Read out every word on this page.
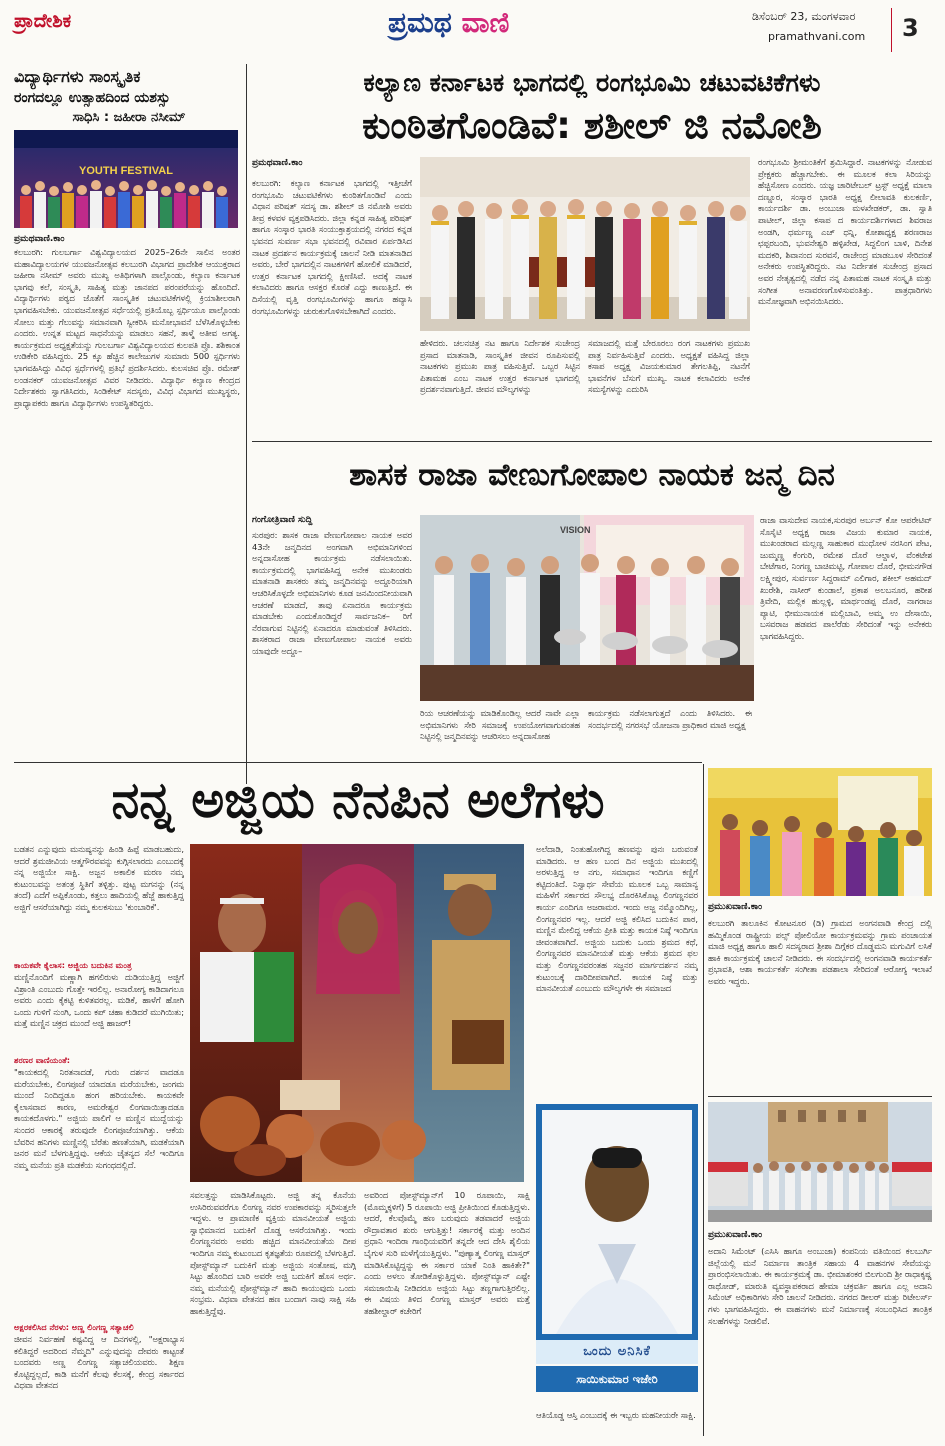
ಪ್ರಾದೇಶಿಕ	ಪ್ರಮಥ ವಾಣಿ	ಡಿಸೆಂಬರ್ 23, ಮಂಗಳವಾರ
pramathvani.com 3
ವಿದ್ಯಾರ್ಥಿಗಳು ಸಾಂಸ್ಕೃತಿಕ
ರಂಗದಲ್ಲೂ ಉತ್ಸಾಹದಿಂದ ಯಶಸ್ಸು
ಸಾಧಿಸಿ : ಜಹೀರಾ ನಸೀಮ್
YOUTH FESTIVAL
ಪ್ರಮಥವಾಣಿ.ಕಾಂ
ಕಲಬುರಗಿ: ಗುಲಬರ್ಗಾ ವಿಶ್ವವಿದ್ಯಾಲಯದ 2025–26ನೇ ಸಾಲಿನ ಅಂತರ ಮಹಾವಿದ್ಯಾಲಯಗಳ ಯುವಜನೋತ್ಸವ ಕಲಬುರಗಿ ವಿಭಾಗದ ಪ್ರಾದೇಶಿಕ ಆಯುಕ್ತರಾದ ಜಹೀರಾ ನಸೀಮ್ ಅವರು ಮುಖ್ಯ ಅತಿಥಿಗಳಾಗಿ ಪಾಲ್ಗೊಂಡು, ಕಲ್ಯಾಣ ಕರ್ನಾಟಕ ಭಾಗವು ಕಲೆ, ಸಂಸ್ಕೃತಿ, ಸಾಹಿತ್ಯ ಮತ್ತು ಜಾನಪದ ಪರಂಪರೆಯನ್ನು ಹೊಂದಿದೆ. ವಿದ್ಯಾರ್ಥಿಗಳು ಪಠ್ಯದ ಜೊತೆಗೆ ಸಾಂಸ್ಕೃತಿಕ ಚಟುವಟಿಕೆಗಳಲ್ಲಿ ಕ್ರಿಯಾಶೀಲರಾಗಿ ಭಾಗವಹಿಸಬೇಕು. ಯುವಜನೋತ್ಸವ ಸರ್ಧೆಯಲ್ಲಿ ಪ್ರತಿಯೊಬ್ಬ ಸ್ಪರ್ಧಿಯೂ ಪಾಲ್ಗೊಂಡು ಸೋಲು ಮತ್ತು ಗೆಲುವನ್ನು ಸಮಾನವಾಗಿ ಸ್ವೀಕರಿಸಿ ಮನೋಭಾವನೆ ಬೆಳೆಸಿಕೊಳ್ಳಬೇಕು ಎಂದರು. ಉನ್ನತ ಮಟ್ಟದ ಸಾಧನೆಯನ್ನು ಮಾಡಲು ಸಹನೆ, ತಾಳ್ಮೆ ಅತೀವ ಅಗತ್ಯ. ಕಾರ್ಯಕ್ರಮದ ಅಧ್ಯಕ್ಷತೆಯನ್ನು ಗುಲಬರ್ಗಾ ವಿಶ್ವವಿದ್ಯಾಲಯದ ಕುಲಪತಿ ಪ್ರೊ. ಶಶಿಕಾಂತ ಉಡಿಕೇರಿ ವಹಿಸಿದ್ದರು. 25 ಕ್ಕೂ ಹೆಚ್ಚಿನ ಕಾಲೇಜುಗಳ ಸುಮಾರು 500 ಸ್ಪರ್ಧಿಗಳು ಭಾಗವಹಿಸಿದ್ದು ವಿವಿಧ ಸ್ಪರ್ಧೆಗಳಲ್ಲಿ ಪ್ರತಿಭೆ ಪ್ರದರ್ಶಿಸಿದರು. ಕುಲಸಚಿವ ಪ್ರೊ. ರಮೇಶ್ ಲಂಡನಕರ್ ಯುವಜನೋತ್ಸವ ವಿವರ ನೀಡಿದರು. ವಿದ್ಯಾರ್ಥಿ ಕಲ್ಯಾಣ ಕೇಂದ್ರದ ನಿರ್ದೇಶಕರು ಸ್ವಾಗತಿಸಿದರು, ಸಿಂಡಿಕೇಟ್ ಸದಸ್ಯರು, ವಿವಿಧ ವಿಭಾಗದ ಮುಖ್ಯಸ್ಥರು, ಪ್ರಾಧ್ಯಾಪಕರು ಹಾಗೂ ವಿದ್ಯಾರ್ಥಿಗಳು ಉಪಸ್ಥಿತರಿದ್ದರು.
ಕಲ್ಯಾಣ ಕರ್ನಾಟಕ ಭಾಗದಲ್ಲಿ ರಂಗಭೂಮಿ ಚಟುವಟಿಕೆಗಳು
ಕುಂಠಿತಗೊಂಡಿವೆ: ಶಶೀಲ್ ಜಿ ನಮೋಶಿ
ಪ್ರಮಥವಾಣಿ.ಕಾಂ
ಕಲಬುರಗಿ: ಕಲ್ಯಾಣ ಕರ್ನಾಟಕ ಭಾಗದಲ್ಲಿ ಇತ್ತೀಚೆಗೆ ರಂಗಭೂಮಿ ಚಟುವಟಿಕೆಗಳು ಕುಂಠಿತಗೊಂಡಿವೆ ಎಂದು ವಿಧಾನ ಪರಿಷತ್ ಸದಸ್ಯ ಡಾ. ಶಶೀಲ್ ಜಿ ನಮೋಶಿ ಅವರು ತೀವ್ರ ಕಳವಳ ವ್ಯಕ್ತಪಡಿಸಿದರು. ಜಿಲ್ಲಾ ಕನ್ನಡ ಸಾಹಿತ್ಯ ಪರಿಷತ್ ಹಾಗೂ ಸಂಸ್ಕಾರ ಭಾರತಿ ಸಂಯುಕ್ತಾಶ್ರಯದಲ್ಲಿ ನಗರದ ಕನ್ನಡ ಭವನದ ಸುವರ್ಣ ಸಭಾ ಭವನದಲ್ಲಿ ರವಿವಾರ ಏರ್ಪಡಿಸಿದ ನಾಟಕ ಪ್ರದರ್ಶನ ಕಾರ್ಯಕ್ರಮಕ್ಕೆ ಚಾಲನೆ ನೀಡಿ ಮಾತನಾಡಿದ ಅವರು, ಬೇರೆ ಭಾಗದಲ್ಲಿನ ನಾಟಕಗಳಿಗೆ ಹೋಲಿಕೆ ಮಾಡಿದರೆ, ಉತ್ತರ ಕರ್ನಾಟಕ ಭಾಗದಲ್ಲಿ ಕ್ಷೀಣಿಸಿವೆ. ಅದಕ್ಕೆ ನಾಟಕ ಕಲಾವಿದರು ಹಾಗೂ ಆಸಕ್ತರ ಕೊರತೆ ಎದ್ದು ಕಾಣುತ್ತಿದೆ. ಈ ದಿಸೆಯಲ್ಲಿ ವೃತ್ತಿ ರಂಗಭೂಮಿಗಳನ್ನು ಹಾಗೂ ಹವ್ಯಾಸಿ ರಂಗಭೂಮಿಗಳನ್ನು ಚುರುಕುಗೊಳಿಸಬೇಕಾಗಿದೆ ಎಂದರು.
ಹೇಳಿದರು. ಚಲನಚಿತ್ರ ನಟ ಹಾಗೂ ನಿರ್ದೇಶಕ ಸುಚೇಂದ್ರ ಪ್ರಸಾದ ಮಾತನಾಡಿ, ಸಾಂಸ್ಕೃತಿಕ ಜೀವನ ರೂಪಿಸುವಲ್ಲಿ ನಾಟಕಗಳು ಪ್ರಮುಖ ಪಾತ್ರ ವಹಿಸುತ್ತಿವೆ. ಒಬ್ಬರ ಸಿಟ್ಟಿನ ಪಿತಾಮಹ ಎಂಬ ನಾಟಕ ಉತ್ತರ ಕರ್ನಾಟಕ ಭಾಗದಲ್ಲಿ ಪ್ರದರ್ಶನವಾಗುತ್ತಿದೆ. ಜೀವನ ಮೌಲ್ಯಗಳನ್ನು
ಸಮಾಜದಲ್ಲಿ ಮತ್ತೆ ಬೇರೂರಲು ರಂಗ ನಾಟಕಗಳು ಪ್ರಮುಖ ಪಾತ್ರ ನಿರ್ವಹಿಸುತ್ತಿವೆ ಎಂದರು. ಅಧ್ಯಕ್ಷತೆ ವಹಿಸಿದ್ದ ಜಿಲ್ಲಾ ಕಸಾಪ ಅಧ್ಯಕ್ಷ ವಿಜಯಕುಮಾರ ತೇಗಲತಿಪ್ಪಿ, ನಟನೆಗೆ ಭಾವನೆಗಳ ಬೆಸುಗೆ ಮುಖ್ಯ. ನಾಟಕ ಕಲಾವಿದರು ಅನೇಕ ಸಮಸ್ಯೆಗಳನ್ನು ಎದುರಿಸಿ
ರಂಗಭೂಮಿ ಶ್ರೀಮಂತಿಕೆಗೆ ಶ್ರಮಿಸಿದ್ದಾರೆ. ನಾಟಕಗಳನ್ನು ನೋಡುವ ಪ್ರೇಕ್ಷಕರು ಹೆಚ್ಚಾಗಬೇಕು. ಈ ಮೂಲಕ ಕಲಾ ಸಿರಿಯನ್ನು ಹೆಚ್ಚಿಸೋಣ ಎಂದರು. ಯಜ್ಞ ಚಾರಿಟೇಬಲ್ ಟ್ರಸ್ಟ್ ಅಧ್ಯಕ್ಷೆ ಮಾಲಾ ದಣ್ಣೂರ, ಸಂಸ್ಕಾರ ಭಾರತಿ ಅಧ್ಯಕ್ಷ ಲೀಲಾವತಿ ಕುಲಕರ್ಣಿ, ಕಾರ್ಯದರ್ಶಿ ಡಾ. ಅಂಬುಜಾ ಮಳಖೇಡಕರ್, ಡಾ. ಸ್ವಾತಿ ಪಾಟೀಲ್, ಜಿಲ್ಲಾ ಕಸಾಪ ದ ಕಾರ್ಯದರ್ಶಿಗಳಾದ ಶಿವರಾಜ ಅಂಡಗಿ, ಧರ್ಮಣ್ಣ ಎಚ್ ಧನ್ನಿ, ಕೋಶಾಧ್ಯಕ್ಷ ಶರಣರಾಜ ಛಪ್ಪರಬಂದಿ, ಭುವನೇಶ್ವರಿ ಹಳ್ಳಿಖೇಡ, ಸಿದ್ದಲಿಂಗ ಬಾಳಿ, ದಿನೇಶ ಮದಕರಿ, ಶಿವಾನಂದ ಸುರವಸೆ, ರಾಜೇಂದ್ರ ಮಾಡಬೂಳ ಸೇರಿದಂತೆ ಅನೇಕರು ಉಪಸ್ಥಿತರಿದ್ದರು. ನಟ ನಿರ್ದೇಶಕ ಸುಚೇಂದ್ರ ಪ್ರಸಾದ ಅವರ ನೇತೃತ್ವದಲ್ಲಿ ನಡೆದ ನನ್ನ ಪಿತಾಮಹ ನಾಟಕ ಸಂಸ್ಕೃತಿ ಮತ್ತು ಸಂಗೀತ ಅನಾವರಣಗೊಳಿಸುವಂತಿತ್ತು. ಪಾತ್ರಧಾರಿಗಳು ಮನೋಜ್ಞವಾಗಿ ಅಭಿನಯಿಸಿದರು.
ಶಾಸಕ ರಾಜಾ ವೇಣುಗೋಪಾಲ ನಾಯಕ ಜನ್ಮ ದಿನ
ಗಂಗೋತ್ರಿವಾಣಿ ಸುದ್ದಿ
ಸುರಪುರ: ಶಾಸಕ ರಾಜಾ ವೇಣುಗೋಪಾಲ ನಾಯಕ ಅವರ 43ನೇ ಜನ್ಮದಿನದ ಅಂಗವಾಗಿ ಅಭಿಮಾನಿಗಳಿಂದ ಅನ್ನದಾಸೋಹ ಕಾರ್ಯಕ್ರಮ ನಡೆಸಲಾಯಿತು. ಕಾರ್ಯಕ್ರಮದಲ್ಲಿ ಭಾಗವಹಿಸಿದ್ದ ಅನೇಕ ಮುಖಂಡರು ಮಾತನಾಡಿ ಶಾಸಕರು ತಮ್ಮ ಜನ್ಮದಿನವನ್ನು ಅದ್ದೂರಿಯಾಗಿ ಆಚರಿಸಿಕೊಳ್ಳದೇ ಅಭಿಮಾನಿಗಳು ಕೂಡ ಜನಮಿಂದನೀಯವಾಗಿ ಆಚರಣೆ ಮಾಡದೆ, ತಾವು ಏನಾದರೂ ಕಾರ್ಯಕ್ರಮ ಮಾಡಬೇಕು ಎಂದುಕೊಂಡಿದ್ದರೆ ಸಾರ್ವಜನಿಕ– ರಿಗೆ ನೆರವಾಗುವ ನಿಟ್ಟಿನಲ್ಲಿ ಏನಾದರೂ ಮಾಡುವಂತೆ ತಿಳಿಸಿದರು. ಶಾಸಕರಾದ ರಾಜಾ ವೇಣುಗೋಪಾಲ ನಾಯಕ ಅವರು ಯಾವುದೇ ಅದ್ದೂ–
VISION
ರಿಯ ಆಚರಣೆಯನ್ನು ಮಾಡಿಕೊಂಡಿಲ್ಲ ಆದರೆ ನಾವೇ ಎಲ್ಲಾ ಅಭಿಮಾನಿಗಳು ಸೇರಿ ಸಮಾಜಕ್ಕೆ ಉಪಯೋಗವಾಗುವಂತಹ ನಿಟ್ಟಿನಲ್ಲಿ ಜನ್ಮದಿನವನ್ನು ಆಚರಿಸಲು ಅನ್ನದಾಸೋಹ
ಕಾರ್ಯಕ್ರಮ ನಡೆಸಲಾಗುತ್ತದೆ ಎಂದು ತಿಳಿಸಿದರು. ಈ ಸಂದರ್ಭದಲ್ಲಿ ನಗರಸಭೆ ಯೋಜನಾ ಪ್ರಾಧಿಕಾರ ಮಾಜಿ ಅಧ್ಯಕ್ಷ
ರಾಜಾ ವಾಸುದೇವ ನಾಯಕ,ಸುರಪುರ ಅರ್ಬನ್ ಕೋ ಆಪರೇಟಿವ್ ಸೊಸೈಟಿ ಅಧ್ಯಕ್ಷ ರಾಜಾ ವಿಜಯ ಕುಮಾರ ನಾಯಕ, ಮುಖಂಡರಾದ ಮಲ್ಲಣ್ಣ ಸಾಹುಕಾರ ಮುಧೋಳ ನರಸಿಂಗ ಪೇಟ, ಜುಮ್ಮಣ್ಣ ಕೆಂಗುರಿ, ರಮೇಶ ದೊರೆ ಆಲ್ದಾಳ, ವೆಂಕಟೇಶ ಬೇಟೆಗಾರ, ನಿಂಗಣ್ಣ ಬಾಚಿಮಟ್ಟಿ, ಗೋಪಾಲ ದೊರೆ, ಭೀಮನಗೌಡ ಲಕ್ಷ್ಮೀಪುರ, ಸುರ್ವರ್ಣ ಸಿದ್ದರಾಮ್ ಎಲಿಗಾರ, ಶಕೀಲ್ ಅಹಮದ್ ಖುರೇಶಿ, ನಾಸೀರ್ ಕುಂಡಾಲೆ, ಪ್ರಕಾಶ ಅಲಬನೂರ, ಹರೀಶ ತ್ರಿವೇದಿ, ಮಲ್ಲಿಕ ಹುಲ್ಲಳ್ಳಿ, ಮಾರ್ಥಂಡಪ್ಪ ದೊರೆ, ನಾಗರಾಜ ಪ್ಯಾಟಿ, ಭೀಮುನಾಯಕ ಮಲ್ಲಿಬಾವಿ, ಅಮ್ಮ ಉ ದೇಸಾಯಿ, ಬಸವರಾಜ ಹಡಪದ ಪಾಲೆರೆಡು ಸೇರಿದಂತೆ ಇನ್ನು ಅನೇಕರು ಭಾಗವಹಿಸಿದ್ದರು.
ನನ್ನ ಅಜ್ಜಿಯ ನೆನಪಿನ ಅಲೆಗಳು
ಬಡತನ ಎನ್ನುವುದು ಮನುಷ್ಯನನ್ನು ಹಿಂಡಿ ಹಿಪ್ಪೆ ಮಾಡಬಹುದು, ಆದರೆ ಶ್ರಮಜೀವಿಯ ಆತ್ಮಗೌರವವನ್ನು ಕುಗ್ಗಿಸಲಾರದು ಎಂಬುದಕ್ಕೆ ನನ್ನ ಅಜ್ಜಿಯೇ ಸಾಕ್ಷಿ. ಅಜ್ಜನ ಅಕಾಲಿಕ ಮರಣ ನಮ್ಮ ಕುಟುಂಬವನ್ನು ಅತಂತ್ರ ಸ್ಥಿತಿಗೆ ತಳ್ಳಿತ್ತು. ಪುಟ್ಟ ಮಗನನ್ನು (ನನ್ನ ತಂದೆ) ಎದೆಗೆ ಅಪ್ಪಿಕೊಂಡು, ಕತ್ತಲು ಹಾದಿಯಲ್ಲಿ ಹೆಜ್ಜೆ ಹಾಕುತ್ತಿದ್ದ ಅಜ್ಜಿಗೆ ಆಸರೆಯಾಗಿದ್ದು ನಮ್ಮ ಕುಲಕಸುಬು 'ಕುಂಬಾರಿಕೆ'.
ಕಾಯಕವೇ ಕೈಲಾಸ: ಅಜ್ಜಿಯ ಬದುಕಿನ ಮಂತ್ರ
ಮಣ್ಣಿನೊಂದಿಗೆ ಮಣ್ಣಾಗಿ ಹಗಲಿರುಳು ದುಡಿಯುತ್ತಿದ್ದ ಅಜ್ಜಿಗೆ ವಿಶ್ರಾಂತಿ ಎಂಬುದು ಗೊತ್ತೇ ಇರಲಿಲ್ಲ. ಅನಾರೋಗ್ಯ ಕಾಡಿದಾಗಲೂ ಅವರು ಎಂದು ಕೈಕಟ್ಟಿ ಕುಳಿತವರಲ್ಲ. ಮಡಿಕೆ, ಹಾಳೆಗೆ ಹೋಗಿ ಒಂದು ಗುಳಿಗೆ ನುಂಗಿ, ಒಂದು ಕಪ್ ಚಹಾ ಕುಡಿದರೆ ಮುಗಿಯಿತು; ಮತ್ತೆ ಮಣ್ಣಿನ ಚಕ್ರದ ಮುಂದೆ ಅಜ್ಜಿ ಹಾಜರ್!
ಶರಣರ ವಾಣಿಯಂತೆ:
"ಕಾಯಕದಲ್ಲಿ ನಿರತನಾದಡೆ, ಗುರು ದರ್ಶನ ವಾದಡೂ ಮರೆಯಬೇಕು, ಲಿಂಗಪೂಜೆ ಯಾದಡೂ ಮರೆಯಬೇಕು, ಜಂಗಮ ಮುಂದೆ ನಿಂದಿದ್ದಡೂ ಹಂಗ ಹರಿಯಬೇಕು. ಕಾಯಕವೇ ಕೈಲಾಸವಾದ ಕಾರಣ, ಅಮರೇಶ್ವರ ಲಿಂಗವಾಯಿತ್ತಾದಡೂ ಕಾಯಕದೊಳಗು." ಅಜ್ಜಿಯ ಪಾಲಿಗೆ ಆ ಮಣ್ಣಿನ ಮುದ್ದೆಯನ್ನು ಸುಂದರ ಆಕಾರಕ್ಕೆ ತರುವುದೇ ಲಿಂಗಪೂಜೆಯಾಗಿತ್ತು. ಆಕೆಯ ಬೆವರಿನ ಹನಿಗಳು ಮಣ್ಣಿನಲ್ಲಿ ಬೆರೆತು ಹಣತೆಯಾಗಿ, ಮಡಕೆಯಾಗಿ ಜನರ ಮನೆ ಬೆಳಗುತ್ತಿದ್ದವು. ಆಕೆಯ ಚೈತನ್ಯದ ಸೆಲೆ ಇಂದಿಗೂ ನಮ್ಮ ಮನೆಯ ಪ್ರತಿ ಮಡಕೆಯ ಸುಗಂಧದಲ್ಲಿದೆ.
ಅಕ್ಷರಕಲಿಸಿದ ನೆರಳು: ಅಣ್ಣ ಲಿಂಗಣ್ಣ ಸತ್ಯಾಚಲಿ
ಜೀವನ ನಿರ್ವಹಣೆ ಕಷ್ಟವಿದ್ದ ಆ ದಿನಗಳಲ್ಲಿ, "ಅಕ್ಷರಾಭ್ಯಾಸ ಕಲಿತಿದ್ದರೆ ಅದರಿಂದ ನೆಮ್ಮದಿ" ಎನ್ನುವುದನ್ನು ದೇವರು ಕಾಟ್ಟಂತೆ ಬಂದವರು ಅಣ್ಣ ಲಿಂಗಣ್ಣ ಸತ್ಯಾಚಲಿಯವರು. ಶಿಕ್ಷಣ ಕೊಟ್ಟಿದ್ದಲ್ಲದೆ, ಕಾಡಿ ಮನೆಗೆ ಕೆಲವು ಕೆಲಸಕ್ಕೆ, ಕೇಂದ್ರ ಸರ್ಕಾರದ ವಿಧವಾ ವೇತನದ
ಸವಲತ್ತನ್ನು ಮಾಡಿಸಿಕೊಟ್ಟರು. ಅಜ್ಜಿ ತನ್ನ ಕೊನೆಯ ಉಸಿರಿರುವವರೆಗೂ ಲಿಂಗಣ್ಣ ನವರ ಉಪಕಾರವನ್ನು ಸ್ಮರಿಸುತ್ತಲೇ ಇದ್ದಳು. ಆ ಪ್ರಾಮಾಣಿಕ ವ್ಯಕ್ತಿಯ ಮಾನವೀಯತೆ ಅಜ್ಜಿಯ ಸ್ವಾಭಿಮಾನದ ಬದುಕಿಗೆ ದೊಡ್ಡ ಆಸರೆಯಾಗಿತ್ತು. ಇಂದು ಲಿಂಗಣ್ಣನವರು ಅವರು ಹಚ್ಚಿದ ಮಾನವೀಯತೆಯ ದೀಪ ಇಂದಿಗೂ ನಮ್ಮ ಕುಟುಂಬದ ಕೃತಜ್ಞತೆಯ ರೂಪದಲ್ಲಿ ಬೆಳಗುತ್ತಿದೆ. ಪೋಸ್ಟ್‌ಮ್ಯಾನ್ ಬದುಕಿಗೆ ಮತ್ತು ಅಜ್ಜಿಯ ಸಂತೋಷ, ಮಗ್ಗಿ ಸಿಟ್ಟು ಹೊಂದಿದ ಬಾರಿ ಅವರೇ ಅಜ್ಜಿ ಬದುಕಿಗೆ ಹೊಸ ಅರ್ಥ. ನಮ್ಮ ಮನೆಯಲ್ಲಿ ಪೋಸ್ಟ್‌ಮ್ಯಾನ್ ಹಾದಿ ಕಾಯುವುದು ಒಂದು ಸಂಭ್ರಮ. ವಿಧವಾ ವೇತನದ ಹಣ ಬಂದಾಗ ನಾವು ಸಾಕ್ಷಿ ಸಹಿ ಹಾಕುತ್ತಿದ್ದೆವು.
ಅವರಿಂದ ಪೋಸ್ಟ್‌ಮ್ಯಾನ್‌ಗೆ 10 ರೂಪಾಯಿ, ಸಾಕ್ಷಿ (ಮೊಮ್ಮಕ್ಕಳಿಗೆ) 5 ರೂಪಾಯಿ ಅಜ್ಜಿ ಪ್ರೀತಿಯಿಂದ ಕೊಡುತ್ತಿದ್ದಳು. ಆದರೆ, ಕೆಲವೊಮ್ಮೆ ಹಣ ಬರುವುದು ತಡವಾದರೆ ಅಜ್ಜಿಯ ರೌದ್ರಾವತಾರ ಶುರು ಆಗುತ್ತಿತ್ತು! ಸರ್ಕಾರಕ್ಕೆ ಮತ್ತು ಅಂದಿನ ಪ್ರಧಾನಿ ಇಂದಿರಾ ಗಾಂಧಿಯವರಿಗೆ ತನ್ನದೇ ಆದ ದೇಸಿ ಶೈಲಿಯ ಬೈಗುಳ ಸುರಿ ಮಳೆಗೈಯುತ್ತಿದ್ದಳು. "ಪುಣ್ಯಾತ್ಮ ಲಿಂಗಣ್ಣ ಮಾಸ್ತರ್ ಮಾಡಿಸಿಕೊಟ್ಟಿದ್ದನ್ನು ಈ ಸರ್ಕಾರ ಯಾಕೆ ನಿಂತಿ ಹಾಕಿತೇ?" ಎಂದು ಅಳಲು ತೋಡಿಕೊಳ್ಳುತ್ತಿದ್ದಳು. ಪೋಸ್ಟ್‌ಮ್ಯಾನ್ ಎಷ್ಟೇ ಸಮಜಾಯಿಷಿ ನೀಡಿದರೂ ಅಜ್ಜಿಯ ಸಿಟ್ಟು ತಣ್ಣಗಾಗುತ್ತಿರಲಿಲ್ಲ. ಈ ವಿಷಯ ತಿಳಿದ ಲಿಂಗಣ್ಣ ಮಾಸ್ತರ್ ಅವರು ಮತ್ತೆ ತಹಶೀಲ್ದಾರ್ ಕಚೇರಿಗೆ
ಅಲೆದಾಡಿ, ನಿಂತುಹೋಗಿದ್ದ ಹಣವನ್ನು ಪುನಃ ಬರುವಂತೆ ಮಾಡಿದರು. ಆ ಹಣ ಬಂದ ದಿನ ಅಜ್ಜಿಯ ಮುಖದಲ್ಲಿ ಅರಳುತ್ತಿದ್ದ ಆ ನಗು, ಸಮಾಧಾನ ಇಂದಿಗೂ ಕಣ್ಣಿಗೆ ಕಟ್ಟಿದಂತಿದೆ. ನಿಸ್ವಾರ್ಥ ಸೇವೆಯ ಮೂಲಕ ಒಬ್ಬ ಸಾಮಾನ್ಯ ಮಹಿಳೆಗೆ ಸರ್ಕಾರದ ಸೌಲಭ್ಯ ದೊರಕಿಸಿಕೊಟ್ಟ ಲಿಂಗಣ್ಣನವರ ಕಾರ್ಯ ಎಂದಿಗೂ ಅಜರಾಮರ. ಇಂದು ಅಜ್ಜ ನಮ್ಮೊಂದಿಗಿಲ್ಲ, ಲಿಂಗಣ್ಣನವರ ಇಲ್ಲ. ಆದರೆ ಅಜ್ಜಿ ಕಲಿಸಿದ ಬದುಕಿನ ಪಾಠ, ಮಣ್ಣಿನ ಮೇಲಿದ್ದ ಆಕೆಯ ಪ್ರೀತಿ ಮತ್ತು ಕಾಯಕ ನಿಷ್ಠೆ ಇಂದಿಗೂ ಜೀವಂತವಾಗಿದೆ. ಅಜ್ಜಿಯ ಬದುಕು ಒಂದು ಶ್ರಮದ ಕಥೆ, ಲಿಂಗಣ್ಣನವರ ಮಾನವೀಯತೆ ಮತ್ತು ಆಕೆಯ ಶ್ರಮದ ಫಲ ಮತ್ತು ಲಿಂಗಣ್ಣನವರಂತಹ ಸಜ್ಜನರ ಮಾರ್ಗದರ್ಶನ ನಮ್ಮ ಕುಟುಂಬಕ್ಕೆ ದಾರಿದೀಪವಾಗಿದೆ. ಕಾಯಕ ನಿಷ್ಠೆ ಮತ್ತು ಮಾನವೀಯತೆ ಎಂಬುದು ಮೌಲ್ಯಗಳೇ ಈ ಸಮಾಜದ
ಒಂದು ಅನಿಸಿಕೆ
ಸಾಯಿಕುಮಾರ ಇಜೇರಿ
ಆತಿಯೊಡ್ಡ ಆಸ್ತಿ ಎಂಬುದಕ್ಕೆ ಈ ಇಬ್ಬರು ಮಹನೀಯರೇ ಸಾಕ್ಷಿ.
ಪ್ರಮುಖವಾಣಿ.ಕಾಂ
ಕಲಬುರಗಿ ತಾಲೂಕಿನ ಕೋಟನೂರ (ಡಿ) ಗ್ರಾಮದ ಅಂಗನವಾಡಿ ಕೇಂದ್ರ ದಲ್ಲಿ ಹಮ್ಮಿಕೊಂಡ ರಾಷ್ಟ್ರೀಯ ಪಲ್ಸ್ ಪೋಲಿಯೋ ಕಾರ್ಯಕ್ರಮವನ್ನು ಗ್ರಾಮ ಪಂಚಾಯತ ಮಾಜಿ ಅಧ್ಯಕ್ಷ ಹಾಗೂ ಹಾಲಿ ಸದಸ್ಯರಾದ ಶ್ರೀಶಾ ದಿಗ್ಗೆಕರ ದೊಡ್ಡಮನಿ ಮಗುವಿಗೆ ಲಸಿಕೆ ಹಾಕಿ ಕಾರ್ಯಕ್ರಮಕ್ಕೆ ಚಾಲನೆ ನೀಡಿದರು. ಈ ಸಂದರ್ಭದಲ್ಲಿ ಅಂಗನವಾಡಿ ಕಾರ್ಯಕರ್ತೆ ಪ್ರಭಾವತಿ, ಆಶಾ ಕಾರ್ಯಕರ್ತೆ ಸಂಗೀತಾ ಪಡಶಾಲಾ ಸೇರಿದಂತೆ ಆರೋಗ್ಯ ಇಲಾಖೆ ಅವರು ಇದ್ದರು.
ಪ್ರಮುಖವಾಣಿ.ಕಾಂ
ಅದಾನಿ ಸಿಮೆಂಟ್ (ಎಸಿಸಿ ಹಾಗೂ ಅಂಬುಜಾ) ಕಂಪನಿಯ ವತಿಯಿಂದ ಕಲಬುರ್ಗಿ ಜಿಲ್ಲೆಯಲ್ಲಿ ಮನೆ ನಿರ್ಮಾಣ ತಾಂತ್ರಿಕ ಸಹಾಯ 4 ವಾಹನಗಳ ಸೇವೆಯನ್ನು ಪ್ರಾರಂಭಿಸಲಾಯಿತು. ಈ ಕಾರ್ಯಕ್ರಮಕ್ಕೆ ಡಾ. ಭೀಮಾಶಂಕರ ಬಿಲಗುಂದಿ ಶ್ರೀ ರಾಧಾಕೃಷ್ಣ ರಾಥೋಡ್, ಮಾರುತಿ ವ್ಯವಸ್ಥಾಪಕರಾದ ಹೇಮಾ ಚಕ್ರವರ್ತಿ ಹಾಗೂ ಎಲ್ಲ ಅದಾನಿ ಸಿಮೆಂಟ್ ಅಧಿಕಾರಿಗಳು ಸೇರಿ ಚಾಲನೆ ನೀಡಿದರು. ನಗರದ ಡೀಲರ್ ಮತ್ತು ರಿಟೇಲರ್ಸ್ ಗಳು ಭಾಗವಹಿಸಿದ್ದರು. ಈ ವಾಹನಗಳು ಮನೆ ನಿರ್ಮಾಣಕ್ಕೆ ಸಂಬಂಧಿಸಿದ ತಾಂತ್ರಿಕ ಸಲಹೆಗಳನ್ನು ನೀಡಲಿವೆ.
